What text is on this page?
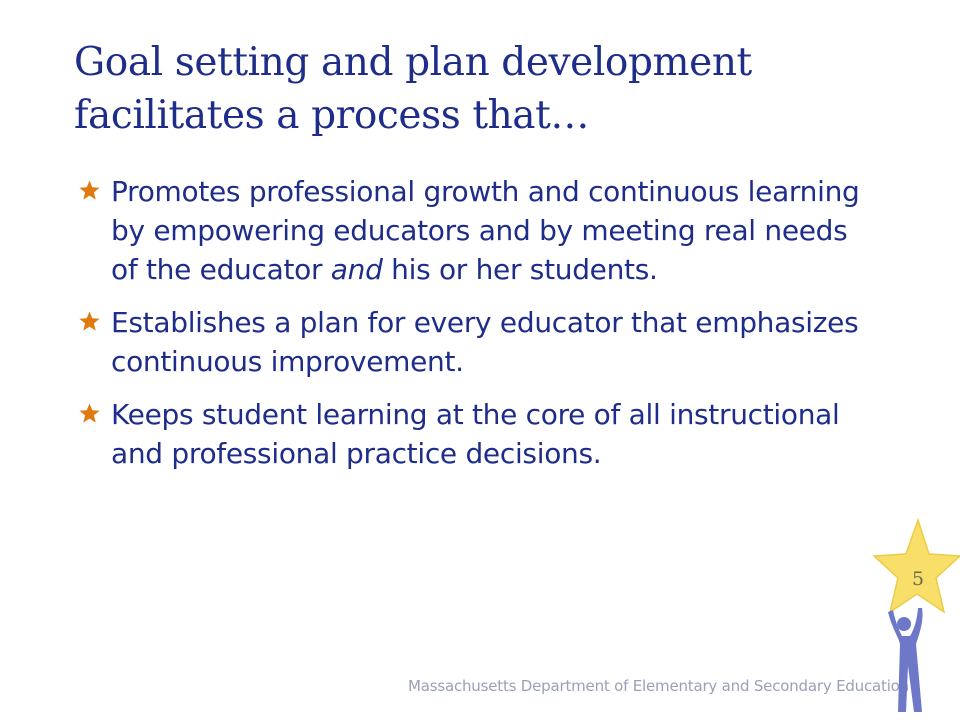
Goal setting and plan development facilitates a process that…
Promotes professional growth and continuous learning by empowering educators and by meeting real needs of the educator and his or her students.
Establishes a plan for every educator that emphasizes continuous improvement.
Keeps student learning at the core of all instructional and professional practice decisions.
Massachusetts Department of Elementary and Secondary Education
5
